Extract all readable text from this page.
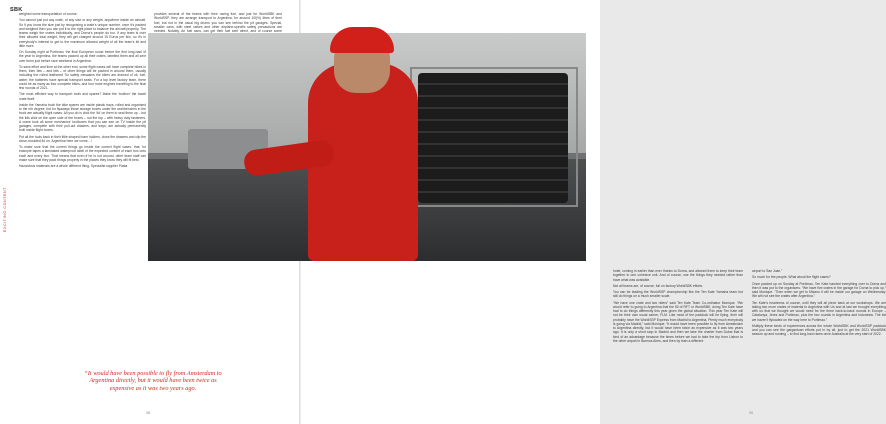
SBK
EXCITING CONTENT

weighed some transportation of course.

You cannot just put any crate, of any size or any weight, anywhere inside an aircraft. So if you know the size just by recognising a crate’s unique number, once it’s packed and weighed then you can put it to the right place to balance the aircraft properly. The teams weigh the crates individually, and Dorna’s people do too. If any team is over their allowed total weight, they will get charged around 15 Euros per kilo, so it’s in everybody’s interest to get to the maximum allowed weight of all the team’s kit and little more.

On Sunday night at Portimao, the final European round before the first long-haul of the year to Argentina, the teams packed up all their crates, labelled them and all sent over them just before race weekend in Argentina.

To save effort and time at the other end, some flight cases will have complete bikes in them, then bits – and bits – of other things will be packed in around them, usually including the rolled leathered Tor safety mesasins the bikes are drained of oil, fuel, water, the batteries have special transport seals. For a top level factory team, there could be as many as four complete bikes, and four more engines travelling to the final few rounds of 2021.

The most efficient way to transport tools and spares? Make the ‘toolbox’ the travel crate itself.

Inside the Yamaha truck the bike spares are inside plastic trays, rolled and organised to the nth degree, but for flyaways those storage boxes under the workbenches in the truck are actually flight cases. All you do is click the ‘lid’ on them to seal them up – but the lids click on the open side of the boxes – not the top – with heavy duty fasteners. A crane took all some mechanics’ toolboxes that you can see on TV inside the pit garages, complete with their pull-out drawers, and trays, are actually permanently built inside flight boxes.

Put all the tools back in their little shaped foam holders, close the drawers and clip the close-moulded lid on. Argentina here we come…!

To make sure that the correct things go inside the correct flight cases, that, for example tapes a laminated waterproof label of the expected content of each box onto each and every box. That means that even if he is not around, other team staff can make sure that they pack things properly in the places they know they will fit best.

Hazardous materials are a whole different thing. Specialist supplier Pasta

provides several of the teams with their racing fuel, and just for WorldSBK and WorldSSP, they are arrange transport to Argentina, for around 10l(%) litres of their fuel, but not in the usual big drums you can see behind the pit garages. Special, smaller cans, with steel valves and other airplane-specific safety precautions are needed. Notably, Ari fuel cans, can get their fuel sent direct, and of course some

“It would have been possible to fly from Amsterdam to Argentina directly, but it would have been twice as expensive as it was two years ago.
38

hotel, coming in earlier than ever thanks to Dorna, and allowed them to keep their team together in one cohesive unit. And of course, use the things they needed rather than have what was available.

Not all teams are, of course, full on factory WorldSBK efforts.

You can be leading the WorldSSP championship like the Ten Kate Yamaha team but still do things on a much smaller scale.

“We have one crate and two riders” said Ten Kate Team Co-ordinator Monique. “We would refer to going to Argentina that the 50 of RFT or WorldSBK, doing Ten Kate have had to do things differently this year given the global situation. This year Ten Kate will not be their own usual carrier, FLM. Like most of the paddock will be flying, their will probably have the WorldSSP Express from Madrid to Argentina. Plenty much everybody is going via Madrid,” said Monique. “It would have been possible to fly from Amsterdam to Argentina directly, but it would have been twice as expensive as it was two years ago. It is only a short stop in Madrid and then we take the charter from Dubai that is kind of an advantage because the times before we had to take the trip from Lisbon to the other airport in Buenos Aires, and then by train a different

airport to San Juan.”

So much for the people. What about the flight cases?

Once packed up on Sunday at Portimao, Ten Kate handed everything over to Dorna and then it was put to the organisers. “We have five crates in the garage for Dorna to pick up,” said Monique. “Then when we get to Misano it will be inside our garage on Wednesday. We will not see the crates after Argentina.”

Ten Kate’s heaviness of course, until they will all piece back at our workshops. We are taking two more crates of material to Argentina with Us and at last we brought everything with us that we thought we would need for the three back-to-back rounds in Europe – Catalunya, Jerez and Portimao, plus the two rounds in Argentina and Indonesia. The list we haven’t flyloaded on the way here to Portimao.”

Multiply these kinds of experiences across the whole WorldSBK and WorldSSP paddock and you can see the gargantuan efforts put in by all, just to get the 2021 WorldSBK season up and running – to find long-haul races once Australia at the very start of 2022.

39
